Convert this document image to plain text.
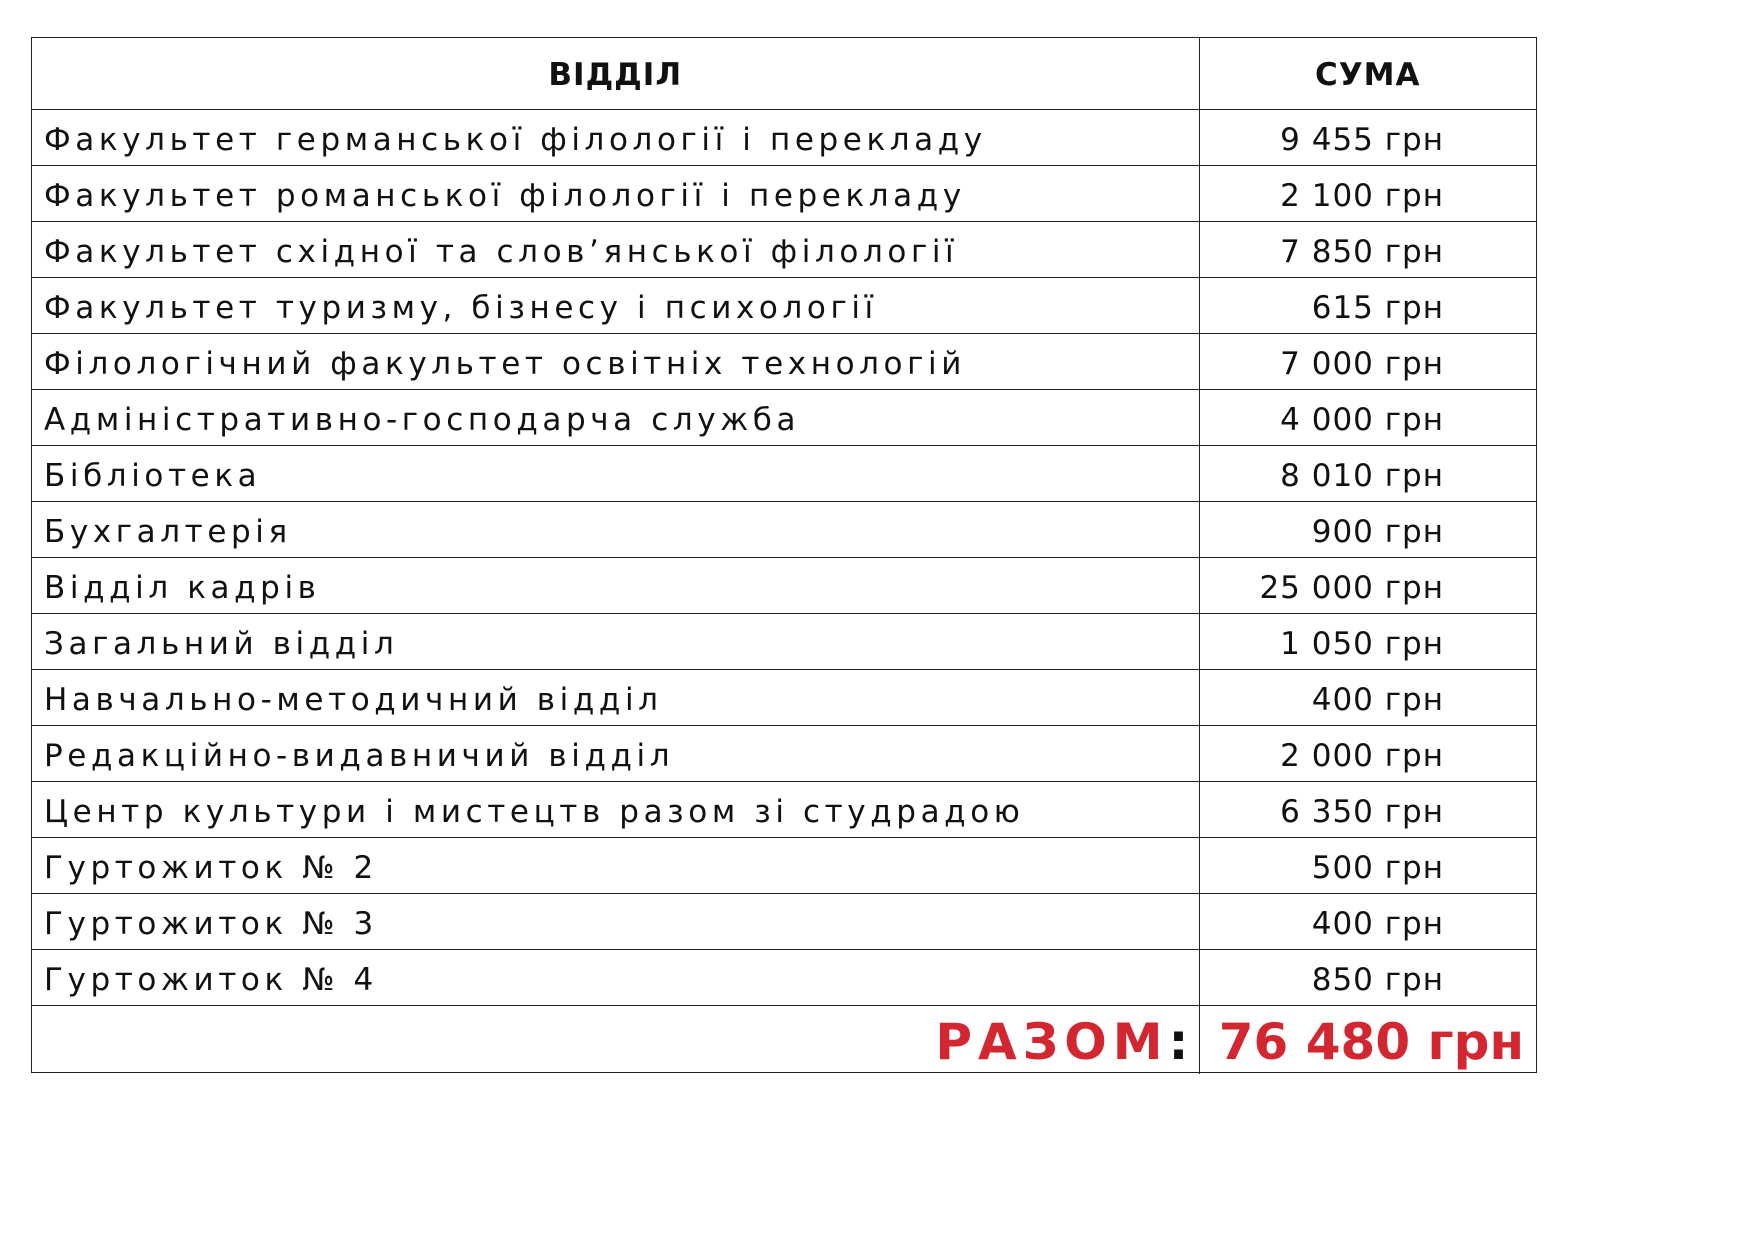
ВІДДІЛ	СУМА
Факультет германської філології і перекладу	9 455 грн
Факультет романської філології і перекладу	2 100 грн
Факультет східної та слов’янської філології	7 850 грн
Факультет туризму, бізнесу і психології	615 грн
Філологічний факультет освітніх технологій	7 000 грн
Адміністративно-господарча служба	4 000 грн
Бібліотека	8 010 грн
Бухгалтерія	900 грн
Відділ кадрів	25 000 грн
Загальний відділ	1 050 грн
Навчально-методичний відділ	400 грн
Редакційно-видавничий відділ	2 000 грн
Центр культури і мистецтв разом зі студрадою	6 350 грн
Гуртожиток № 2	500 грн
Гуртожиток № 3	400 грн
Гуртожиток № 4	850 грн
РАЗОМ:	76 480 грн
